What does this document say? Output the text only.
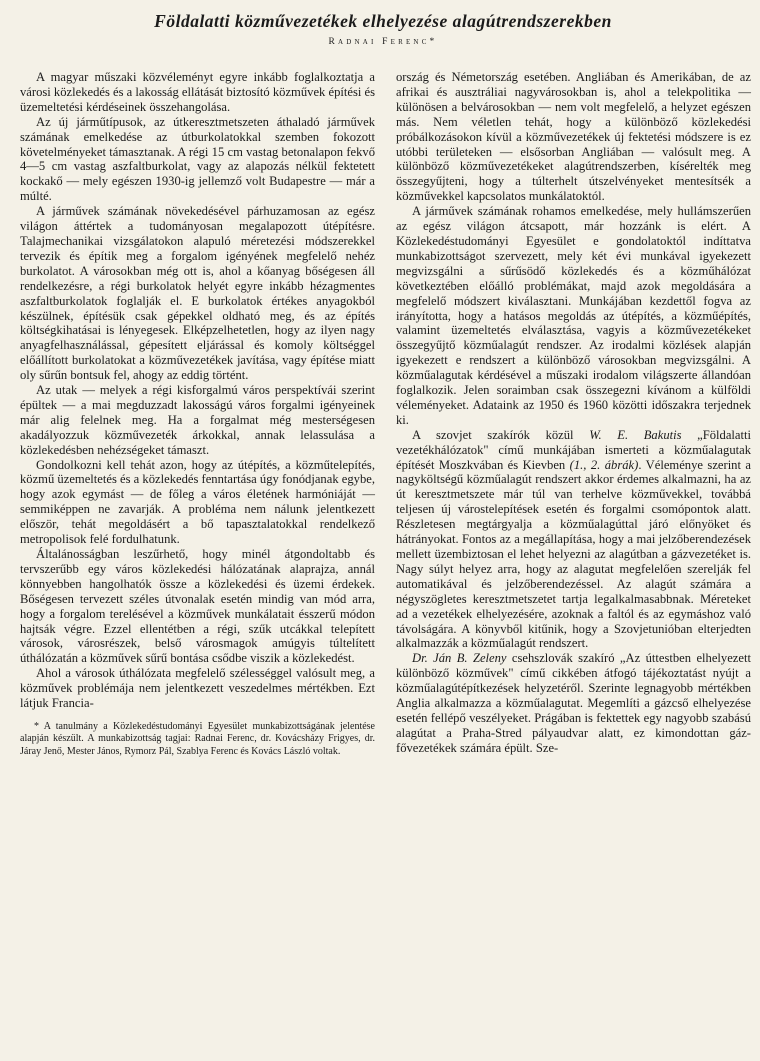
Földalatti közművezetékek elhelyezése alagútrendszerekben
Radnai Ferenc*

A magyar műszaki közvéleményt egyre inkább foglalkoztatja a városi közlekedés és a lakosság ellátását biztosító közművek építési és üzemeltetési kérdéseinek összehangolása.

Az új járműtípusok, az útkeresztmetszeten áthaladó járművek számának emelkedése az útburkolatokkal szemben fokozott követelményeket támasztanak. A régi 15 cm vastag betonalapon fekvő 4—5 cm vastag aszfaltburkolat, vagy az alapozás nélkül fektetett kockakő — mely egészen 1930-ig jellemző volt Budapestre — már a múlté.

A járművek számának növekedésével párhuzamosan az egész világon áttértek a tudományosan megalapozott útépítésre. Talajmechanikai vizsgálatokon alapuló méretezési módszerekkel tervezik és építik meg a forgalom igényének megfelelő nehéz burkolatot. A városokban még ott is, ahol a kőanyag bőségesen áll rendelkezésre, a régi burkolatok helyét egyre inkább hézagmentes aszfaltburkolatok foglalják el. E burkolatok értékes anyagokból készülnek, építésük csak gépekkel oldható meg, és az építés költségkihatásai is lényegesek. Elképzelhetetlen, hogy az ilyen nagy anyagfelhasználással, gépesített eljárással és komoly költséggel előállított burkolatokat a közművezetékek javítása, vagy építése miatt oly sűrűn bontsuk fel, ahogy az eddig történt.

Az utak — melyek a régi kisforgalmú város perspektívái szerint épültek — a mai megduzzadt lakosságú város forgalmi igényeinek már alig felelnek meg. Ha a forgalmat még mesterségesen akadályozzuk közművezeték árkokkal, annak lelassulása a közlekedésben nehézségeket támaszt.

Gondolkozni kell tehát azon, hogy az útépítés, a közműtelepítés, közmű üzemeltetés és a közlekedés fenntartása úgy fonódjanak egybe, hogy azok egymást — de főleg a város életének harmóniáját — semmiképpen ne zavarják. A probléma nem nálunk jelentkezett először, tehát megoldásért a bő tapasztalatokkal rendelkező metropolisok felé fordulhatunk.

Általánosságban leszűrhető, hogy minél átgondoltabb és tervszerűbb egy város közlekedési hálózatának alaprajza, annál könnyebben hangolhatók össze a közlekedési és üzemi érdekek. Bőségesen tervezett széles útvonalak esetén mindig van mód arra, hogy a forgalom terelésével a közművek munkálatait ésszerű módon hajtsák végre. Ezzel ellentétben a régi, szűk utcákkal telepített városok, városrészek, belső városmagok amúgyis túltelített úthálózatán a közművek sűrű bontása csődbe viszik a közlekedést.

Ahol a városok úthálózata megfelelő szélességgel valósult meg, a közművek problémája nem jelentkezett veszedelmes mértékben. Ezt látjuk Francia-

* A tanulmány a Közlekedéstudományi Egyesület munkabizottságának jelentése alapján készült. A munkabizottság tagjai: Radnai Ferenc, dr. Kovácsházy Frigyes, dr. Járay Jenő, Mester János, Rymorz Pál, Szablya Ferenc és Kovács László voltak.

ország és Németország esetében. Angliában és Amerikában, de az afrikai és ausztráliai nagyvárosokban is, ahol a telekpolitika — különösen a belvárosokban — nem volt megfelelő, a helyzet egészen más. Nem véletlen tehát, hogy a különböző közlekedési próbálkozásokon kívül a közművezetékek új fektetési módszere is ez utóbbi területeken — elsősorban Angliában — valósult meg. A különböző közművezetékeket alagútrendszerben, kísérelték meg összegyűjteni, hogy a túlterhelt útszelvényeket mentesítsék a közművekkel kapcsolatos munkálatoktól.

A járművek számának rohamos emelkedése, mely hullámszerűen az egész világon átcsapott, már hozzánk is elért. A Közlekedéstudományi Egyesület e gondolatoktól indíttatva munkabizottságot szervezett, mely két évi munkával igyekezett megvizsgálni a sűrűsödő közlekedés és a közműhálózat következtében előálló problémákat, majd azok megoldására a megfelelő módszert kiválasztani. Munkájában kezdettől fogva az irányította, hogy a hatásos megoldás az útépítés, a közműépítés, valamint üzemeltetés elválasztása, vagyis a közművezetékeket összegyűjtő közműalagút rendszer. Az irodalmi közlések alapján igyekezett e rendszert a különböző városokban megvizsgálni. A közműalagutak kérdésével a műszaki irodalom világszerte állandóan foglalkozik. Jelen soraimban csak összegezni kívánom a külföldi véleményeket. Adataink az 1950 és 1960 közötti időszakra terjednek ki.

A szovjet szakírók közül W. E. Bakutis „Földalatti vezetékhálózatok" című munkájában ismerteti a közműalagutak építését Moszkvában és Kievben (1., 2. ábrák). Véleménye szerint a nagyköltségű közműalagút rendszert akkor érdemes alkalmazni, ha az út keresztmetszete már túl van terhelve közművekkel, továbbá teljesen új várostelepítések esetén és forgalmi csomópontok alatt. Részletesen megtárgyalja a közműalagúttal járó előnyöket és hátrányokat. Fontos az a megállapítása, hogy a mai jelzőberendezések mellett üzembiztosan el lehet helyezni az alagútban a gázvezetéket is. Nagy súlyt helyez arra, hogy az alagutat megfelelően szerelják fel automatikával és jelzőberendezéssel. Az alagút számára a négyszögletes keresztmetszetet tartja legalkalmasabbnak. Méreteket ad a vezetékek elhelyezésére, azoknak a faltól és az egymáshoz való távolságára. A könyvből kitűnik, hogy a Szovjetunióban elterjedten alkalmazzák a közműalagút rendszert.

Dr. Ján B. Zeleny csehszlovák szakíró „Az úttestben elhelyezett különböző közművek" című cikkében átfogó tájékoztatást nyújt a közműalagútépítkezések helyzetéről. Szerinte legnagyobb mértékben Anglia alkalmazza a közműalagutat. Megemlíti a gázcső elhelyezése esetén fellépő veszélyeket. Prágában is fektettek egy nagyobb szabású alagútat a Praha-Stred pályaudvar alatt, ez kimondottan gáz-fővezetékek számára épült. Sze-
